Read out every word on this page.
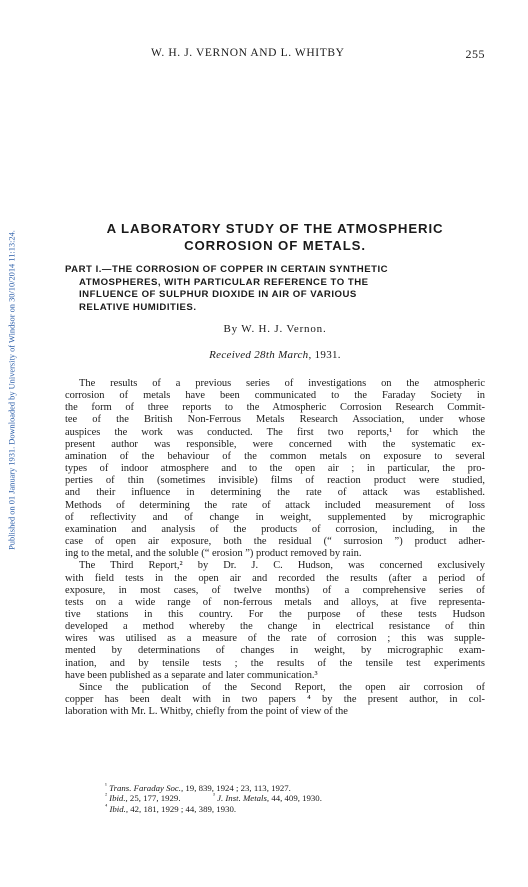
Published on 01 January 1931. Downloaded by University of Windsor on 30/10/2014 11:13:24.
W. H. J. VERNON AND L. WHITBY	255
A LABORATORY STUDY OF THE ATMOSPHERIC
CORROSION OF METALS.
PART I.—THE CORROSION OF COPPER IN CERTAIN SYNTHETIC
ATMOSPHERES, WITH PARTICULAR REFERENCE TO THE
INFLUENCE OF SULPHUR DIOXIDE IN AIR OF VARIOUS
RELATIVE HUMIDITIES.
By W. H. J. Vernon.
Received 28th March, 1931.

The results of a previous series of investigations on the atmospheric
corrosion of metals have been communicated to the Faraday Society in
the form of three reports to the Atmospheric Corrosion Research Commit-
tee of the British Non-Ferrous Metals Research Association, under whose
auspices the work was conducted. The first two reports,¹ for which the
present author was responsible, were concerned with the systematic ex-
amination of the behaviour of the common metals on exposure to several
types of indoor atmosphere and to the open air ; in particular, the pro-
perties of thin (sometimes invisible) films of reaction product were studied,
and their influence in determining the rate of attack was established.
Methods of determining the rate of attack included measurement of loss
of reflectivity and of change in weight, supplemented by micrographic
examination and analysis of the products of corrosion, including, in the
case of open air exposure, both the residual (“ surrosion ”) product adher-
ing to the metal, and the soluble (“ erosion ”) product removed by rain.

The Third Report,² by Dr. J. C. Hudson, was concerned exclusively
with field tests in the open air and recorded the results (after a period of
exposure, in most cases, of twelve months) of a comprehensive series of
tests on a wide range of non-ferrous metals and alloys, at five representa-
tive stations in this country. For the purpose of these tests Hudson
developed a method whereby the change in electrical resistance of thin
wires was utilised as a measure of the rate of corrosion ; this was supple-
mented by determinations of changes in weight, by micrographic exam-
ination, and by tensile tests ; the results of the tensile test experiments
have been published as a separate and later communication.³

Since the publication of the Second Report, the open air corrosion of
copper has been dealt with in two papers ⁴ by the present author, in col-
laboration with Mr. L. Whitby, chiefly from the point of view of the

$^{^1}$ Trans. Faraday Soc., 19, 839, 1924 ; 23, 113, 1927.
$^{^2}$ Ibid., 25, 177, 1929.	$^{^3}$ J. Inst. Metals, 44, 409, 1930.
$^{^4}$ Ibid., 42, 181, 1929 ; 44, 389, 1930.
